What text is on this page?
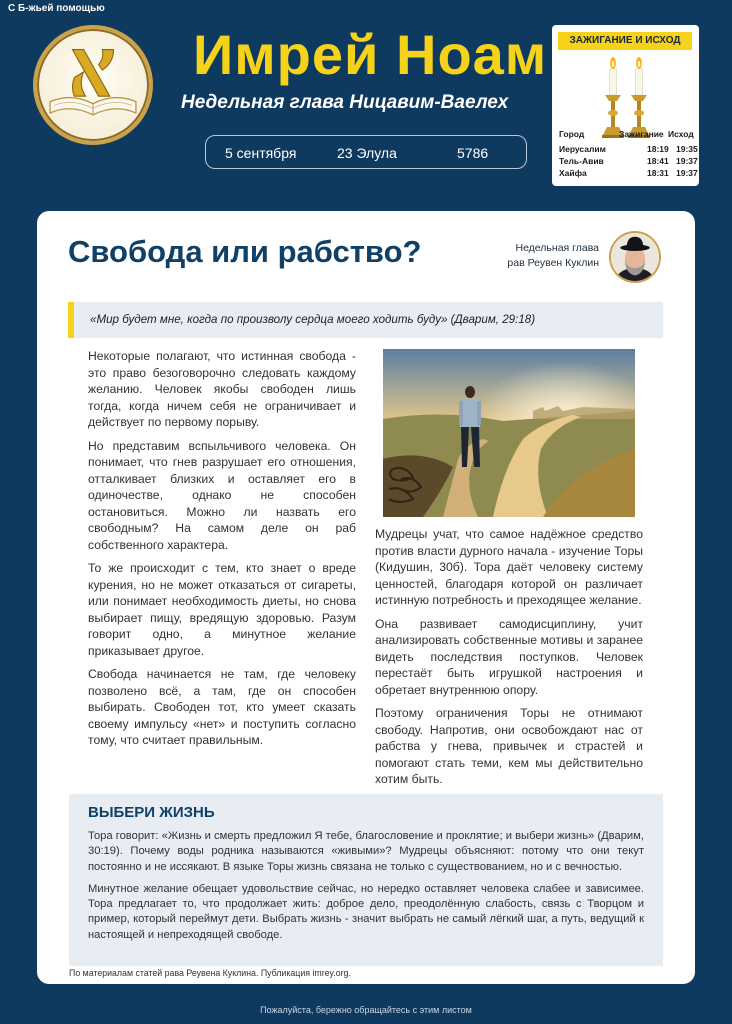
С Б-жьей помощью
Имрей Ноам
Недельная глава Ницавим-Ваелех
5 сентября	23 Элула	5786
ЗАЖИГАНИЕ И ИСХОД
Город	Зажигание Исход
Иерусалим	18:19 19:35
Тель-Авив	18:41 19:37
Хайфа	18:31 19:37
Свобода или рабство?	Недельная глава
рав Реувен Куклин
«Мир будет мне, когда по произволу сердца моего ходить буду» (Дварим, 29:18)

Некоторые полагают, что истинная свобода - это право безоговорочно следовать каждому желанию. Человек якобы свободен лишь тогда, когда ничем себя не ограничивает и действует по первому порыву.

Но представим вспыльчивого человека. Он понимает, что гнев разрушает его отношения, отталкивает близких и оставляет его в одиночестве, однако не способен остановиться. Можно ли назвать его свободным? На самом деле он раб собственного характера.

То же происходит с тем, кто знает о вреде курения, но не может отказаться от сигареты, или понимает необходимость диеты, но снова выбирает пищу, вредящую здоровью. Разум говорит одно, а минутное желание приказывает другое.

Свобода начинается не там, где человеку позволено всё, а там, где он способен выбирать. Свободен тот, кто умеет сказать своему импульсу «нет» и поступить согласно тому, что считает правильным.

Мудрецы учат, что самое надёжное средство против власти дурного начала - изучение Торы (Кидушин, 30б). Тора даёт человеку систему ценностей, благодаря которой он различает истинную потребность и преходящее желание.

Она развивает самодисциплину, учит анализировать собственные мотивы и заранее видеть последствия поступков. Человек перестаёт быть игрушкой настроения и обретает внутреннюю опору.

Поэтому ограничения Торы не отнимают свободу. Напротив, они освобождают нас от рабства у гнева, привычек и страстей и помогают стать теми, кем мы действительно хотим быть.

ВЫБЕРИ ЖИЗНЬ

Тора говорит: «Жизнь и смерть предложил Я тебе, благословение и проклятие; и выбери жизнь» (Дварим, 30:19). Почему воды родника называются «живыми»? Мудрецы объясняют: потому что они текут постоянно и не иссякают. В языке Торы жизнь связана не только с существованием, но и с вечностью.

Минутное желание обещает удовольствие сейчас, но нередко оставляет человека слабее и зависимее. Тора предлагает то, что продолжает жить: доброе дело, преодолённую слабость, связь с Творцом и пример, который переймут дети. Выбрать жизнь - значит выбрать не самый лёгкий шаг, а путь, ведущий к настоящей и непреходящей свободе.

По материалам статей рава Реувена Куклина. Публикация imrey.org.
Пожалуйста, бережно обращайтесь с этим листом
